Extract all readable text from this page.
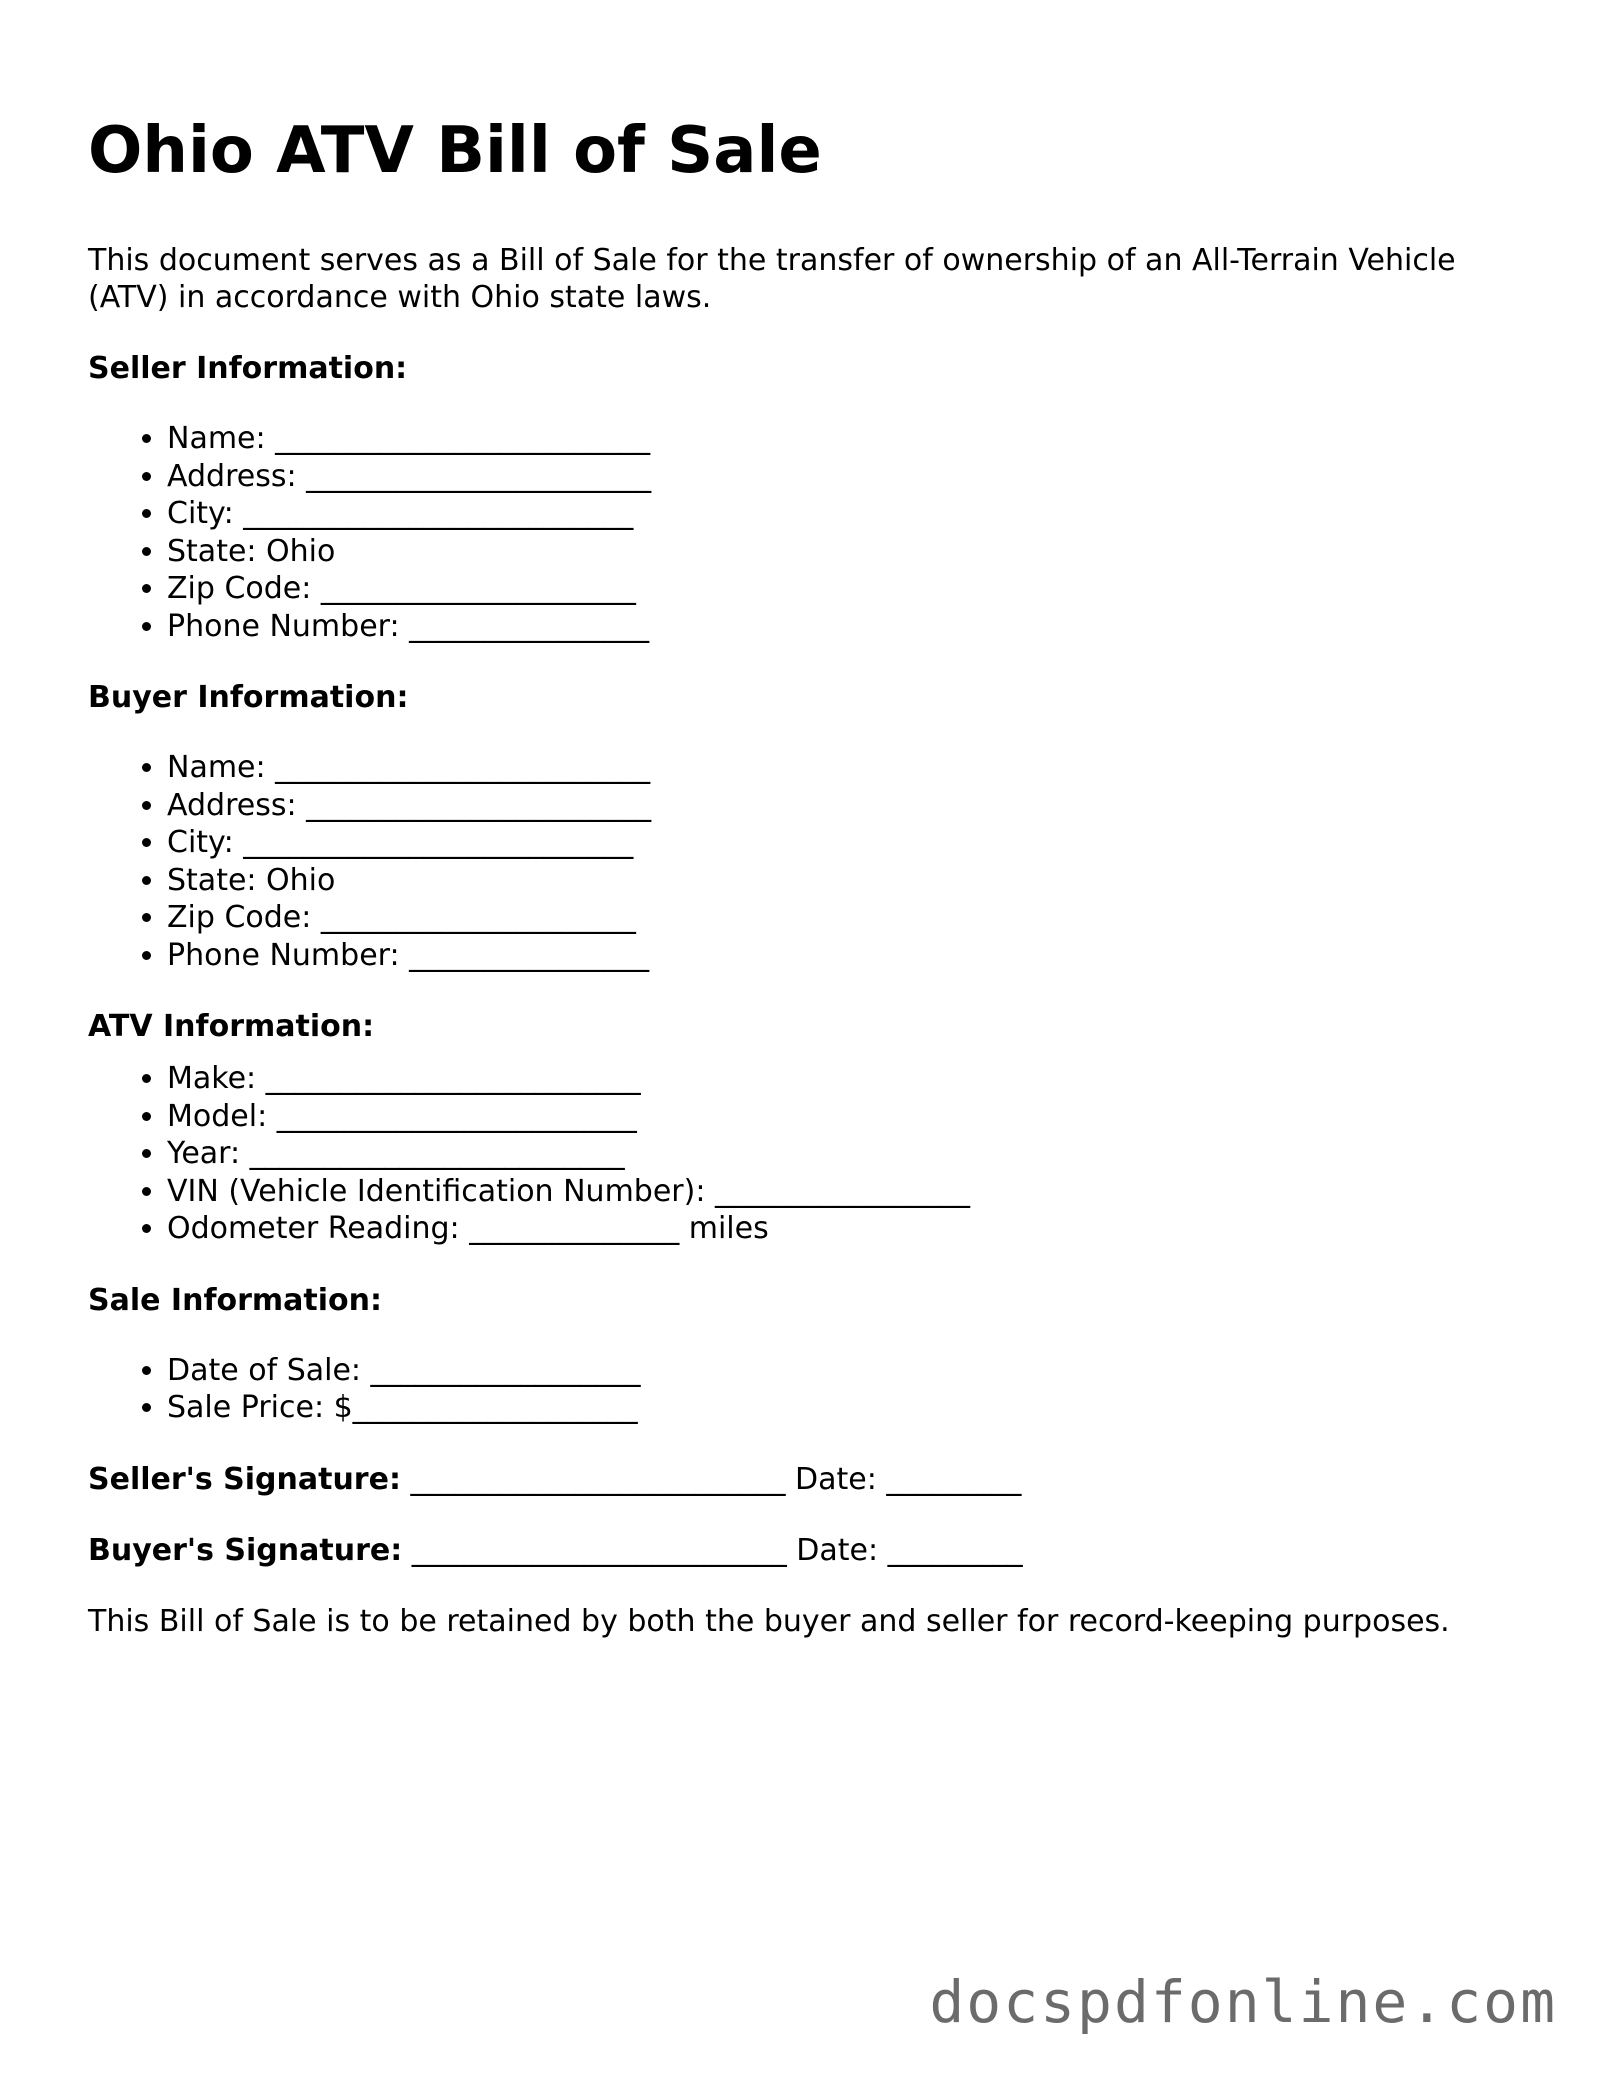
Ohio ATV Bill of Sale

This document serves as a Bill of Sale for the transfer of ownership of an All-Terrain Vehicle (ATV) in accordance with Ohio state laws.

Seller Information:

• Name: _________________________
• Address: _______________________
• City: __________________________
• State: Ohio
• Zip Code: _____________________
• Phone Number: ________________

Buyer Information:

• Name: _________________________
• Address: _______________________
• City: __________________________
• State: Ohio
• Zip Code: _____________________
• Phone Number: ________________

ATV Information:

• Make: _________________________
• Model: ________________________
• Year: _________________________
• VIN (Vehicle Identification Number): _________________
• Odometer Reading: ______________ miles

Sale Information:

• Date of Sale: __________________
• Sale Price: $___________________

Seller's Signature: _________________________ Date: _________

Buyer's Signature: _________________________ Date: _________

This Bill of Sale is to be retained by both the buyer and seller for record-keeping purposes.

docspdfonline.com
